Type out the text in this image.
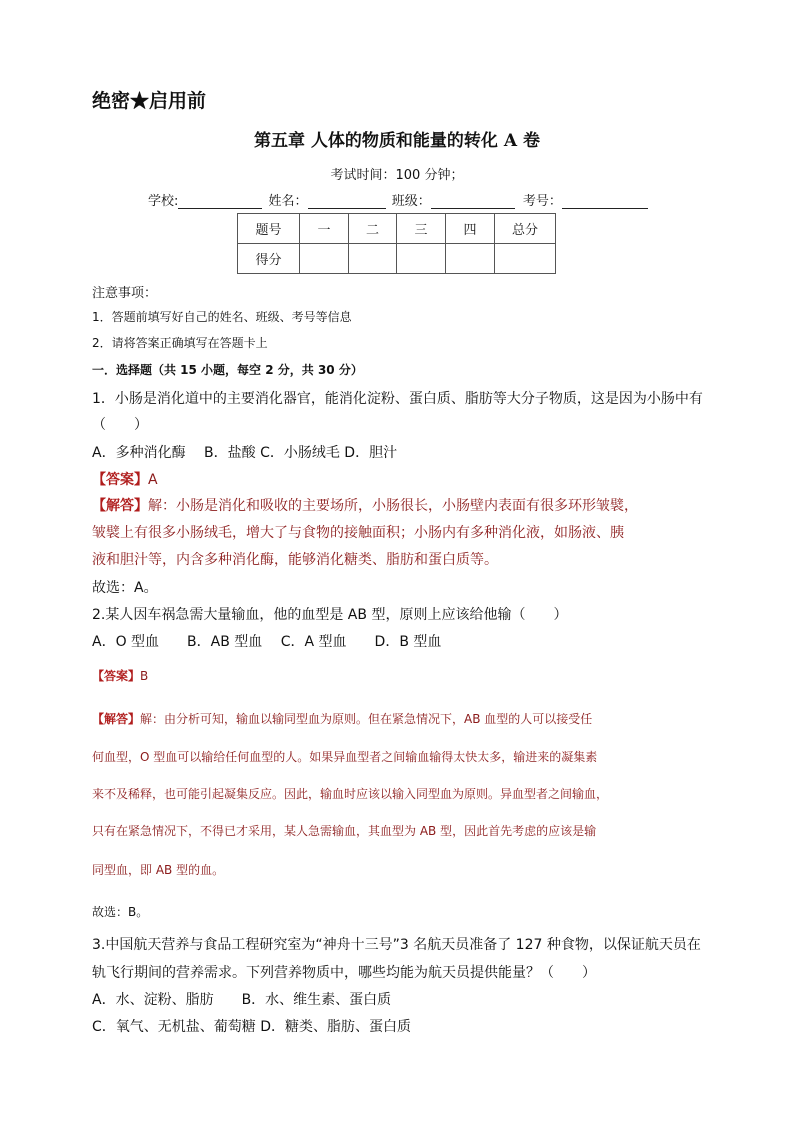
绝密★启用前
第五章 人体的物质和能量的转化 A 卷
考试时间：100 分钟；
学校:	姓名：	班级：	考号：
题号	一	二	三	四	总分
得分					
注意事项：
1．答题前填写好自己的姓名、班级、考号等信息
2．请将答案正确填写在答题卡上
一．选择题（共 15 小题，每空 2 分，共 30 分）
1．小肠是消化道中的主要消化器官，能消化淀粉、蛋白质、脂肪等大分子物质，这是因为小肠中有
（　　）
A．多种消化酶　 B．盐酸 C．小肠绒毛 D．胆汁
【答案】A
【解答】解：小肠是消化和吸收的主要场所，小肠很长，小肠壁内表面有很多环形皱襞，
皱襞上有很多小肠绒毛，增大了与食物的接触面积；小肠内有多种消化液，如肠液、胰
液和胆汁等，内含多种消化酶，能够消化糖类、脂肪和蛋白质等。
故选：A。
2.某人因车祸急需大量输血，他的血型是 AB 型，原则上应该给他输（　　）
A．O 型血　　B．AB 型血　 C．A 型血　　D．B 型血
【答案】B
【解答】解：由分析可知，输血以输同型血为原则。但在紧急情况下，AB 血型的人可以接受任
何血型，O 型血可以输给任何血型的人。如果异血型者之间输血输得太快太多，输进来的凝集素
来不及稀释，也可能引起凝集反应。因此，输血时应该以输入同型血为原则。异血型者之间输血，
只有在紧急情况下，不得已才采用，某人急需输血，其血型为 AB 型，因此首先考虑的应该是输
同型血，即 AB 型的血。
故选：B。
3.中国航天营养与食品工程研究室为“神舟十三号”3 名航天员准备了 127 种食物，以保证航天员在
轨飞行期间的营养需求。下列营养物质中，哪些均能为航天员提供能量？（　　）
A．水、淀粉、脂肪　　B．水、维生素、蛋白质
C．氧气、无机盐、葡萄糖 D．糖类、脂肪、蛋白质
